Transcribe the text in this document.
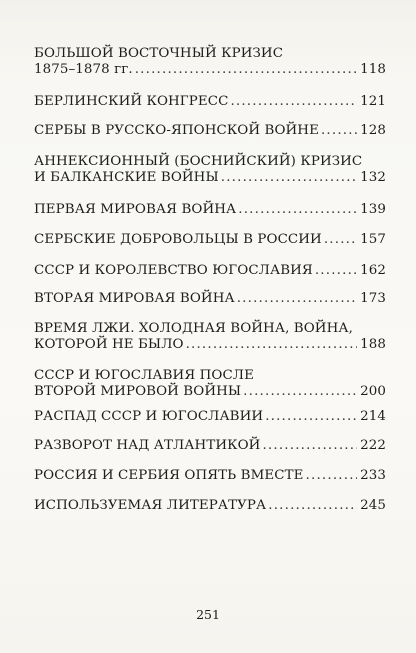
БОЛЬШОЙ ВОСТОЧНЫЙ КРИЗИС
1875–1878 гг. .....	118
БЕРЛИНСКИЙ КОНГРЕСС .....	121
СЕРБЫ В РУССКО-ЯПОНСКОЙ ВОЙНЕ .....	128
АННЕКСИОННЫЙ (БОСНИЙСКИЙ) КРИЗИС
И БАЛКАНСКИЕ ВОЙНЫ .....	132
ПЕРВАЯ МИРОВАЯ ВОЙНА .....	139
СЕРБСКИЕ ДОБРОВОЛЬЦЫ В РОССИИ .....	157
СССР И КОРОЛЕВСТВО ЮГОСЛАВИЯ .....	162
ВТОРАЯ МИРОВАЯ ВОЙНА .....	173
ВРЕМЯ ЛЖИ. ХОЛОДНАЯ ВОЙНА, ВОЙНА,
КОТОРОЙ НЕ БЫЛО .....	188
СССР И ЮГОСЛАВИЯ ПОСЛЕ
ВТОРОЙ МИРОВОЙ ВОЙНЫ .....	200
РАСПАД СССР И ЮГОСЛАВИИ .....	214
РАЗВОРОТ НАД АТЛАНТИКОЙ .....	222
РОССИЯ И СЕРБИЯ ОПЯТЬ ВМЕСТЕ .....	233
ИСПОЛЬЗУЕМАЯ ЛИТЕРАТУРА .....	245
251
